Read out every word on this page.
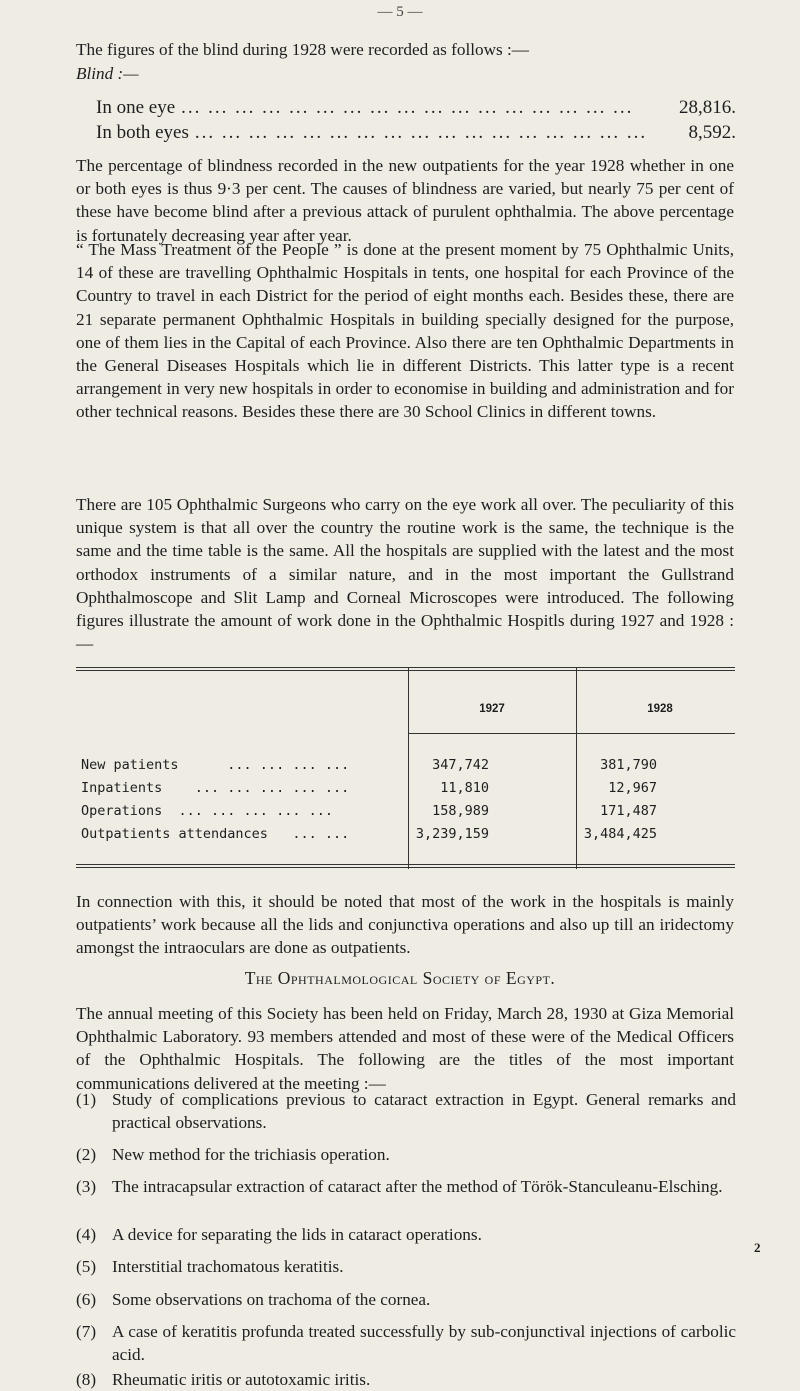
— 5 —
The figures of the blind during 1928 were recorded as follows :—
Blind :—
In one eye ... ... ... ... ... ... ... ... ... ... ... ... ... ... ... ... ...	28,816.
In both eyes ... ... ... ... ... ... ... ... ... ... ... ... ... ... ... ... ...	8,592.
The percentage of blindness recorded in the new outpatients for the year 1928 whether in one or both eyes is thus 9·3 per cent. The causes of blindness are varied, but nearly 75 per cent of these have become blind after a previous attack of purulent ophthalmia. The above percentage is fortunately decreasing year after year.
“ The Mass Treatment of the People ” is done at the present moment by 75 Ophthalmic Units, 14 of these are travelling Ophthalmic Hospitals in tents, one hospital for each Province of the Country to travel in each District for the period of eight months each. Besides these, there are 21 separate permanent Ophthalmic Hospitals in building specially designed for the purpose, one of them lies in the Capital of each Province. Also there are ten Ophthalmic Departments in the General Diseases Hospitals which lie in different Districts. This latter type is a recent arrangement in very new hospitals in order to economise in building and administration and for other technical reasons. Besides these there are 30 School Clinics in different towns.
There are 105 Ophthalmic Surgeons who carry on the eye work all over. The peculiarity of this unique system is that all over the country the routine work is the same, the technique is the same and the time table is the same. All the hospitals are supplied with the latest and the most orthodox instruments of a similar nature, and in the most important the Gullstrand Ophthalmoscope and Slit Lamp and Corneal Microscopes were introduced. The following figures illustrate the amount of work done in the Ophthalmic Hospitls during 1927 and 1928 :—
1927	1928
New patients      ... ... ... ...	347,742	381,790
Inpatients    ... ... ... ... ...	11,810	12,967
Operations  ... ... ... ... ...	158,989	171,487
Outpatients attendances   ... ...	3,239,159	3,484,425
In connection with this, it should be noted that most of the work in the hospitals is mainly outpatients’ work because all the lids and conjunctiva operations and also up till an iridectomy amongst the intraoculars are done as outpatients.
The Ophthalmological Society of Egypt.
The annual meeting of this Society has been held on Friday, March 28, 1930 at Giza Memorial Ophthalmic Laboratory. 93 members attended and most of these were of the Medical Officers of the Ophthalmic Hospitals. The following are the titles of the most important communications delivered at the meeting :—
2
(1) Study of complications previous to cataract extraction in Egypt. General remarks and practical observations.
(2) New method for the trichiasis operation.
(3) The intracapsular extraction of cataract after the method of Török-Stanculeanu-Elsching.
(4) A device for separating the lids in cataract operations.
(5) Interstitial trachomatous keratitis.
(6) Some observations on trachoma of the cornea.
(7) A case of keratitis profunda treated successfully by sub-conjunctival injections of carbolic acid.
(8) Rheumatic iritis or autotoxamic iritis.
